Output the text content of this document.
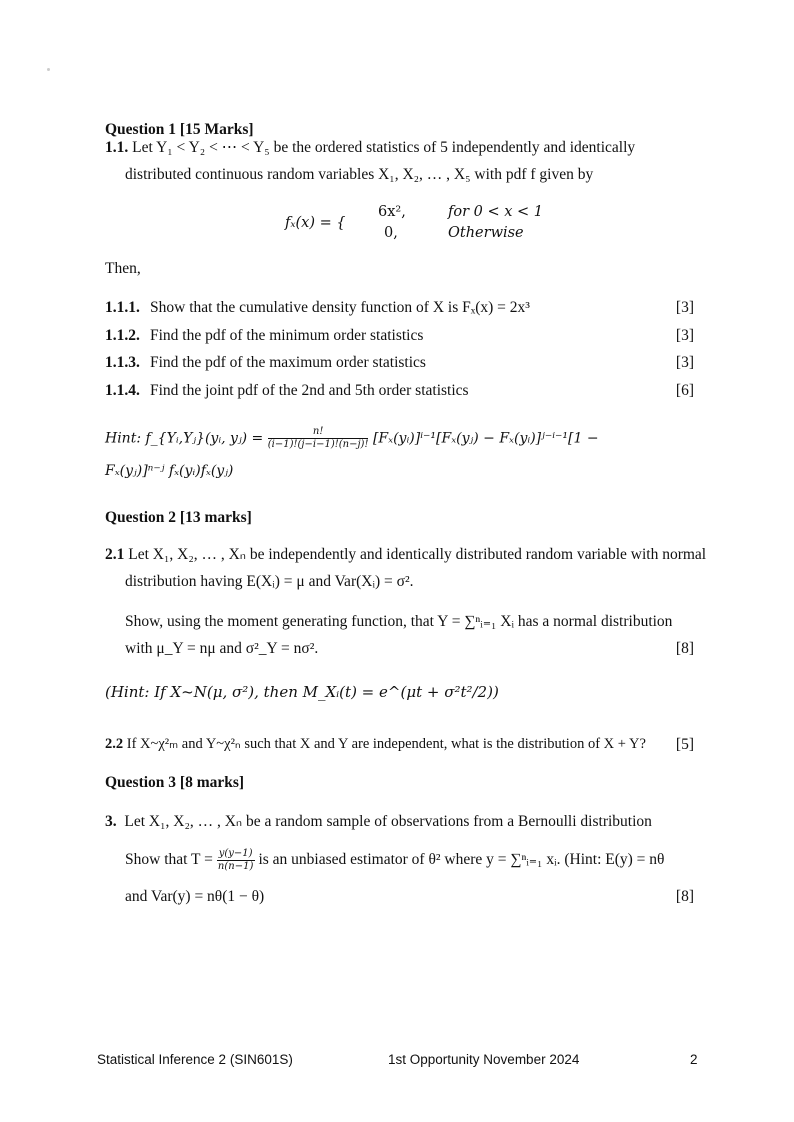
Question 1 [15 Marks]
1.1. Let Y₁ < Y₂ < ⋯ < Y₅ be the ordered statistics of 5 independently and identically
distributed continuous random variables X₁, X₂, … , X₅ with pdf f given by
fₓ(x) = {
6x²,	for 0 < x < 1
0,	Otherwise
Then,
1.1.1. Show that the cumulative density function of X is Fₓ(x) = 2x³	[3]
1.1.2. Find the pdf of the minimum order statistics	[3]
1.1.3. Find the pdf of the maximum order statistics	[3]
1.1.4. Find the joint pdf of the 2nd and 5th order statistics	[6]
Hint: f_{Yᵢ,Yⱼ}(yᵢ, yⱼ) = $\frac{n!}{(i-1)!(j-i-1)!(n-j)!}$ [Fₓ(yᵢ)]ⁱ⁻¹[Fₓ(yⱼ) − Fₓ(yᵢ)]ʲ⁻ⁱ⁻¹[1 −
Fₓ(yⱼ)]ⁿ⁻ʲ fₓ(yᵢ)fₓ(yⱼ)
Question 2 [13 marks]
2.1 Let X₁, X₂, … , Xₙ be independently and identically distributed random variable with normal
distribution having E(Xᵢ) = μ and Var(Xᵢ) = σ².
Show, using the moment generating function, that Y = ∑ⁿᵢ₌₁ Xᵢ has a normal distribution
with μ_Y = nμ and σ²_Y = nσ².	[8]
(Hint: If X~N(μ, σ²), then M_Xᵢ(t) = e^(μt + σ²t²/2))
2.2 If X~χ²ₘ and Y~χ²ₙ such that X and Y are independent, what is the distribution of X + Y? [5]
Question 3 [8 marks]
3. Let X₁, X₂, … , Xₙ be a random sample of observations from a Bernoulli distribution
Show that $T = \frac{y(y-1)}{n(n-1)}$ is an unbiased estimator of θ² where y = ∑ⁿᵢ₌₁ xᵢ. (Hint: E(y) = nθ
and Var(y) = nθ(1 − θ)	[8]
Statistical Inference 2 (SIN601S)	1st Opportunity November 2024	2
